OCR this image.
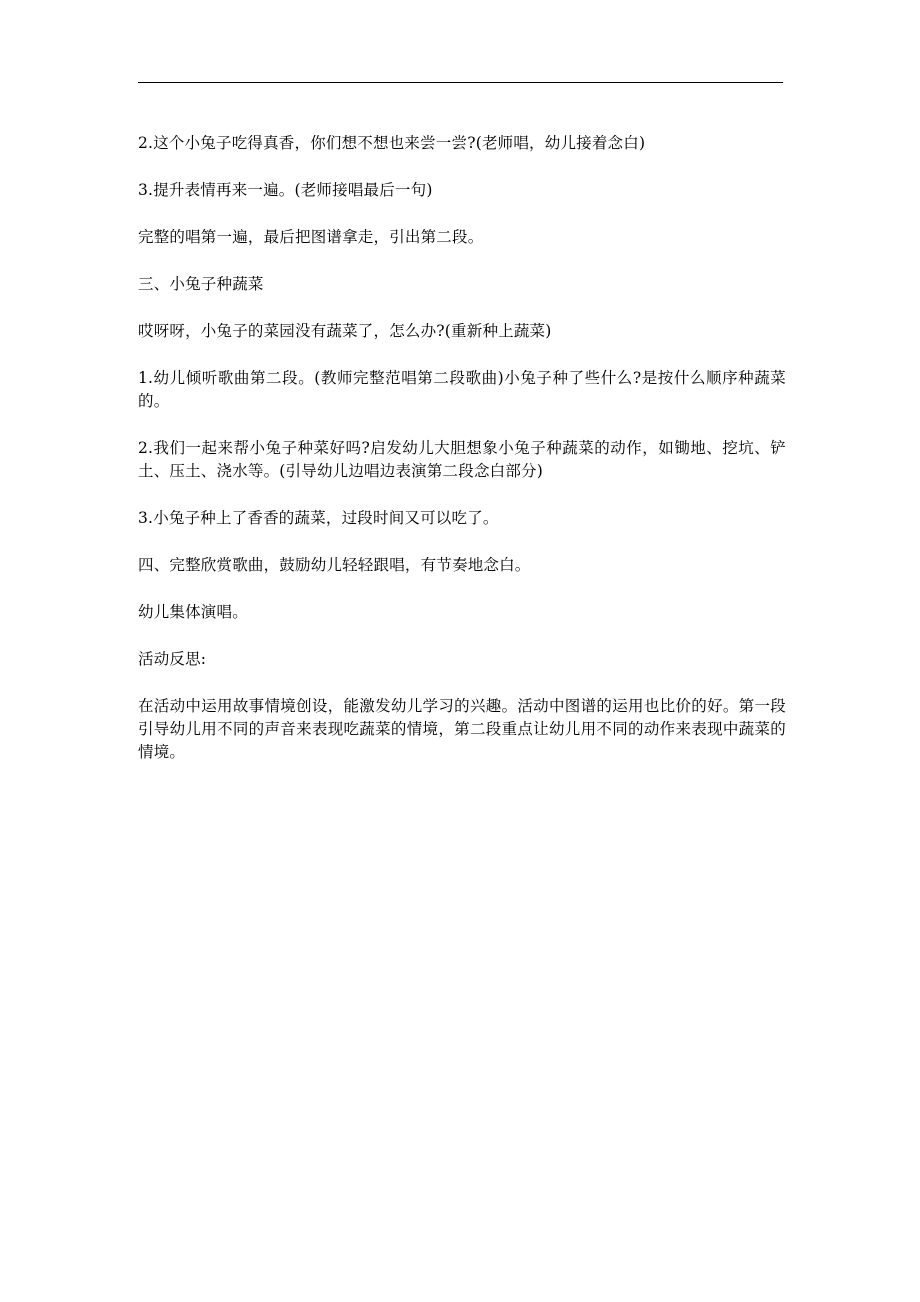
2.这个小兔子吃得真香，你们想不想也来尝一尝?(老师唱，幼儿接着念白)

3.提升表情再来一遍。(老师接唱最后一句)

完整的唱第一遍，最后把图谱拿走，引出第二段。

三、小兔子种蔬菜

哎呀呀，小兔子的菜园没有蔬菜了，怎么办?(重新种上蔬菜)

1.幼儿倾听歌曲第二段。(教师完整范唱第二段歌曲)小兔子种了些什么?是按什么顺序种蔬菜的。

2.我们一起来帮小兔子种菜好吗?启发幼儿大胆想象小兔子种蔬菜的动作，如锄地、挖坑、铲土、压土、浇水等。(引导幼儿边唱边表演第二段念白部分)

3.小兔子种上了香香的蔬菜，过段时间又可以吃了。

四、完整欣赏歌曲，鼓励幼儿轻轻跟唱，有节奏地念白。

幼儿集体演唱。

活动反思:

在活动中运用故事情境创设，能激发幼儿学习的兴趣。活动中图谱的运用也比价的好。第一段引导幼儿用不同的声音来表现吃蔬菜的情境，第二段重点让幼儿用不同的动作来表现中蔬菜的情境。
